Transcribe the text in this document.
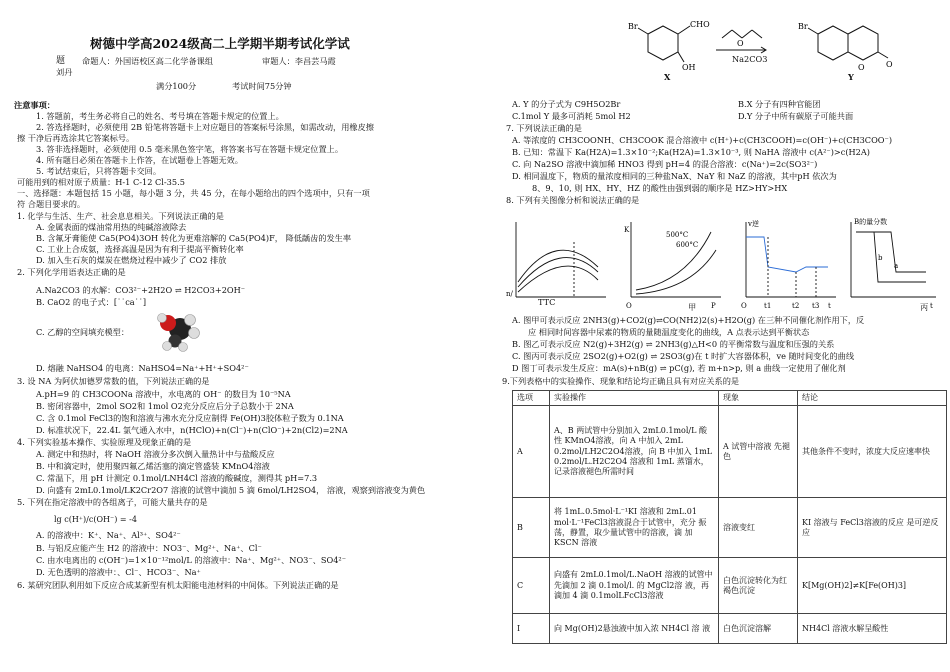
树德中学高2024级高二上学期半期考试化学试
题 命题人：外国语校区高二化学备课组	审题人：李昌芸马霞
刘丹
满分100分	考试时间75分钟
注意事项：
1. 答题前，考生务必将自己的姓名、考号填在答题卡规定的位置上。
2. 答选择题时，必须使用 2B 铅笔将答题卡上对应题目的答案标号涂黑，如需改动，用橡皮擦
擦 干净后再选涂其它答案标号。
3. 答非选择题时，必须使用 0.5 毫米黑色签字笔，将答案书写在答题卡规定位置上。
4. 所有题目必须在答题卡上作答，在试题卷上答题无效。
5. 考试结束后，只将答题卡交回。
可能用到的相对原子质量：H-1 C-12 Cl-35.5
一、选择题：本题包括 15 小题，每小题 3 分，共 45 分，在每小题给出的四个选项中，只有一项
符 合题目要求的。
1. 化学与生活、生产、社会息息相关。下列说法正确的是
A. 金属表面的煤油常用热的纯碱溶液除去
B. 含氟牙膏能使 Ca5(PO4)3OH 转化为更难溶解的 Ca5(PO4)F， 降低龋齿的发生率
C. 工业上合成氨，选择高温是因为有利于提高平衡转化率
D. 加入生石灰的煤炭在燃烧过程中减少了 CO2 排放
2. 下列化学用语表达正确的是
A.Na2CO3 的水解：CO3²⁻+2H2O ⇌ H2CO3+2OH⁻
B. CaO2 的电子式：[˙˙ca˙˙]
C. 乙醇的空间填充模型：
D. 熔融 NaHSO4 的电离：NaHSO4=Na⁺+H⁺+SO4²⁻
3. 设 NA 为阿伏加德罗常数的值，下列说法正确的是
A.pH=9 的 CH3COONa 溶液中，水电离的 OH⁻ 的数目为 10⁻⁵NA
B. 密闭容器中，2mol SO2和 1mol O2充分反应后分子总数小于 2NA
C. 含 0.1mol FeCl3的饱和溶液与沸水充分反应制得 Fe(OH)3胶体粒子数为 0.1NA
D. 标准状况下，22.4L 氯气通入水中，n(HClO)+n(Cl⁻)+n(ClO⁻)+2n(Cl2)=2NA
4. 下列实验基本操作、实验原理及现象正确的是
A. 测定中和热时，将 NaOH 溶液分多次倒入量热计中与盐酸反应
B. 中和滴定时，使用聚四氟乙烯活塞的滴定管盛装 KMnO4溶液
C. 常温下，用 pH 计测定 0.1mol/LNH4Cl 溶液的酸碱度，测得其 pH=7.3
D. 向盛有 2mL0.1mol/LK2Cr2O7 溶液的试管中滴加 5 滴 6mol/LH2SO4， 溶液，观察到溶液变为黄色
5. 下列在指定溶液中的各组离子，可能大量共存的是
lg c(H⁺)/c(OH⁻) = -4
A. 的溶液中：K⁺、Na⁺、Al³⁺、SO4²⁻
B. 与铝反应能产生 H2 的溶液中：NO3⁻、Mg²⁺、Na⁺、Cl⁻
C. 由水电离出的 c(OH⁻)=1×10⁻¹²mol/L 的溶液中：Na⁺、Mg²⁺、NO3⁻、SO4²⁻
D. 无色透明的溶液中：、Cl⁻、HCO3⁻、Na⁺
6. 某研究团队利用如下反应合成某新型有机太阳能电池材料的中间体。下列说法正确的是
Br	CHO
OH
O
Br
O	O
Na2CO3
X	Y
A. Y 的分子式为 C9H5O2Br	B.X 分子有四种官能团
C.1mol Y 最多可消耗 5mol H2	D.Y 分子中所有碳原子可能共面
7. 下列说法正确的是
A. 等浓度的 CH3COONH、CH3COOK 混合溶液中 c(H⁺)+c(CH3COOH)=c(OH⁻)+c(CH3COO⁻)
B. 已知：常温下 Ka(H2A)=1.3×10⁻²;Ka(H2A)=1.3×10⁻³, 则 NaHA 溶液中 c(A²⁻)>c(H2A)
C. 向 Na2SO 溶液中滴加稀 HNO3 得到 pH=4 的混合溶液：c(Na⁺)=2c(SO3²⁻)
D. 相同温度下，物质的量浓度相同的三种盐NaX、NaY 和 NaZ 的溶液，其中pH 依次为
8、9、10, 则 HX、HY、HZ 的酸性由强到弱的顺序是 HZ>HY>HX
8. 下列有关图像分析和说法正确的是
n/
K
500°C
600°C
P
O
v逆
O t1	t2 t3 t
B的量分数
a
b
t
TTC	甲	丙
A. 图甲可表示反应 2NH3(g)+CO2(g)⇌CO(NH2)2(s)+H2O(g) 在三种不同催化剂作用下，反
应 相同时间容器中尿素的物质的量随温度变化的曲线，A 点表示达到平衡状态
B. 图乙可表示反应 N2(g)+3H2(g) ⇌ 2NH3(g)△H<0 的平衡常数与温度和压强的关系
C. 图丙可表示反应 2SO2(g)+O2(g) ⇌ 2SO3(g)在 t 时扩大容器体积，ve 随时间变化的曲线
D 图丁可表示发生反应：mA(s)+nB(g) ⇌ pC(g), 若 m+n>p, 则 a 曲线一定使用了催化剂
9.下列表格中的实验操作、现象和结论均正确且具有对应关系的是
选项	实验操作	现象	结论
A	A、B 两试管中分别加入 2mL0.1mol/L 酸性 KMnO4溶液，向 A 中加入 2mL 0.2mol/LH2C2O4溶液，向 B 中加入 1mL 0.2mol/L.H2C2O4 溶液和 1mL 蒸馏水， 记录溶液褪色所需时间	A 试管中溶液 先褪色	其他条件不变时，浓度大反应速率快
B	将 1mL.0.5mol·L⁻¹KI 溶液和 2mL.01 mol·L⁻¹FeCl3溶液混合于试管中，充分 振荡，静置，取少量试管中的溶液，滴 加 KSCN 溶液	溶液变红	KI 溶液与 FeCl3溶液的反应 是可逆反应
C	向盛有 2mL0.1mol/L.NaOH 溶液的试管中先滴加 2 滴 0.1mol/l. 的 MgCl2溶 液，再滴加 4 滴 0.1molLFcCl3溶液	白色沉淀转化为红褐色沉淀	K[Mg(OH)2]≠K[Fe(OH)3]
I	向 Mg(OH)2悬浊液中加入浓 NH4Cl 溶 液	白色沉淀溶解	NH4Cl 溶液水解呈酸性
